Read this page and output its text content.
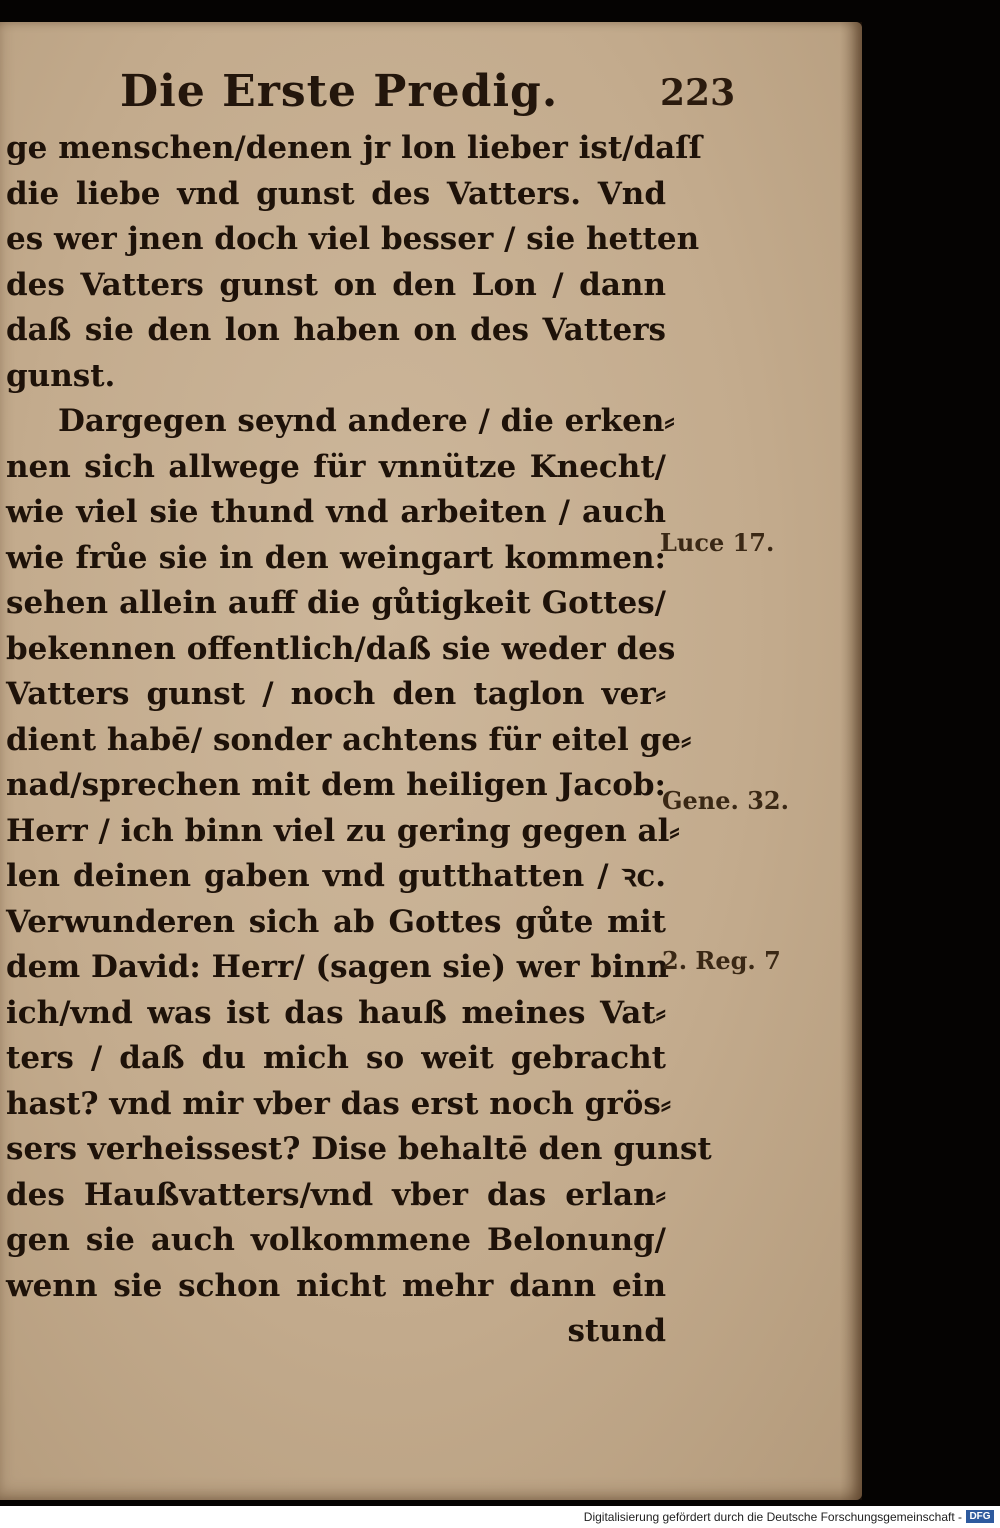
Die Erste Predig.	223
ge menschen/denen jr lon lieber ist/daſſ
die liebe vnd gunst des Vatters. Vnd
es wer jnen doch viel besser / sie hetten
des Vatters gunst on den Lon / dann
daß sie den lon haben on des Vatters
gunst.
Dargegen seynd andere / die erken⸗
nen sich allwege für vnnütze Knecht/
wie viel sie thund vnd arbeiten / auch
wie frůe sie in den weingart kommen:
sehen allein auff die gůtigkeit Gottes/
bekennen offentlich/daß sie weder des
Vatters gunst / noch den taglon ver⸗
dient habē/ sonder achtens für eitel ge⸗
nad/sprechen mit dem heiligen Jacob:
Herr / ich binn viel zu gering gegen al⸗
len deinen gaben vnd gutthatten / ꝛc.
Verwunderen sich ab Gottes gůte mit
dem David: Herr/ (sagen sie) wer binn
ich/vnd was ist das hauß meines Vat⸗
ters / daß du mich so weit gebracht
hast? vnd mir vber das erst noch grös⸗
sers verheissest? Dise behaltē den gunst
des Haußvatters/vnd vber das erlan⸗
gen sie auch volkommene Belonung/
wenn sie schon nicht mehr dann ein
stund
Luce 17.
Gene. 32.
2. Reg. 7
Digitalisierung gefördert durch die Deutsche Forschungsgemeinschaft - DFG
